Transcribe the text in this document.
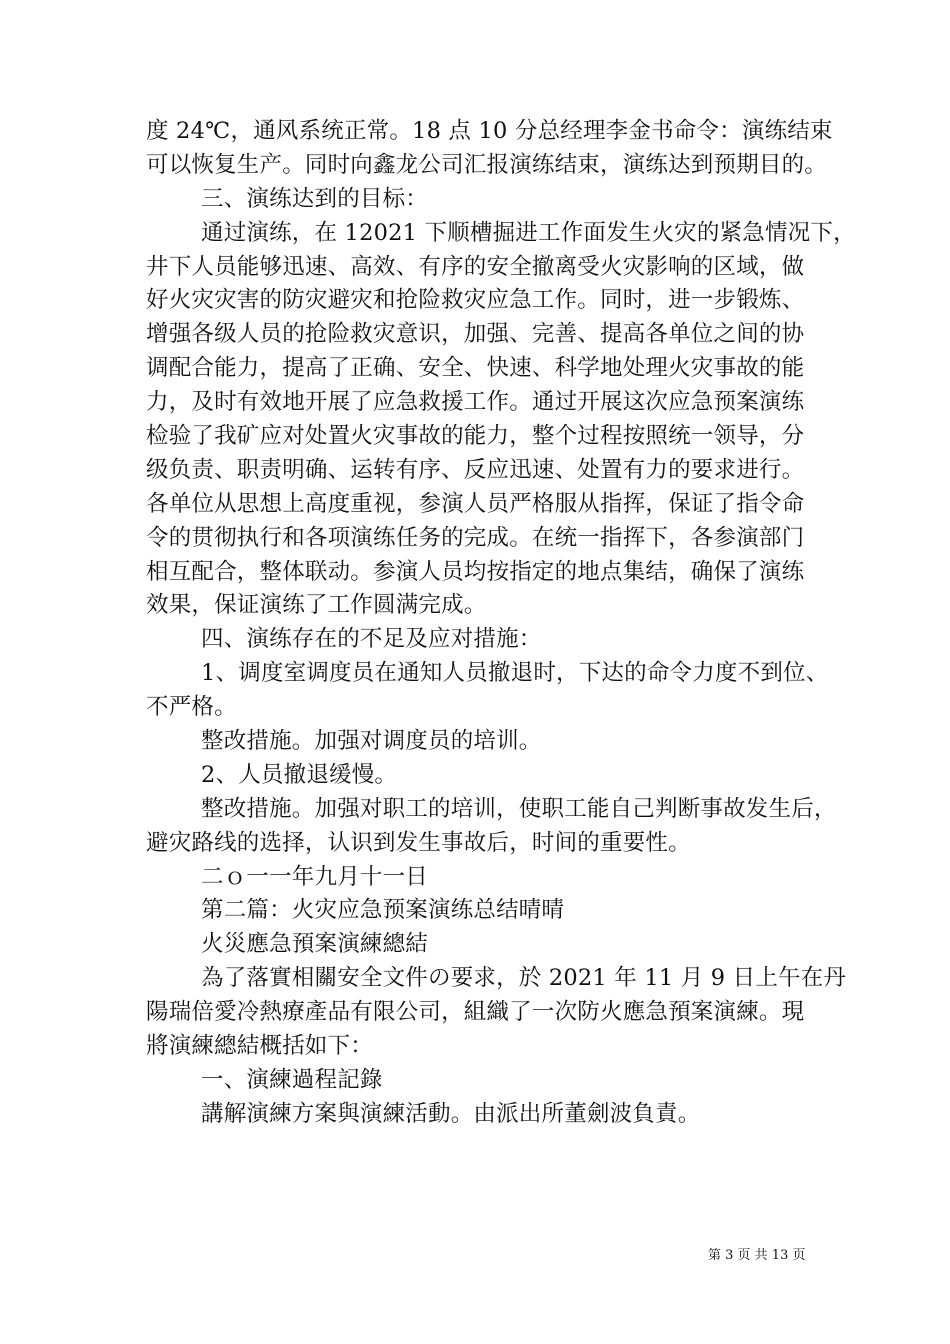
度 24℃，通风系统正常。18 点 10 分总经理李金书命令：演练结束
可以恢复生产。同时向鑫龙公司汇报演练结束，演练达到预期目的。
三、演练达到的目标：
通过演练，在 12021 下顺槽掘进工作面发生火灾的紧急情况下，
井下人员能够迅速、高效、有序的安全撤离受火灾影响的区域，做
好火灾灾害的防灾避灾和抢险救灾应急工作。同时，进一步锻炼、
增强各级人员的抢险救灾意识，加强、完善、提高各单位之间的协
调配合能力，提高了正确、安全、快速、科学地处理火灾事故的能
力，及时有效地开展了应急救援工作。通过开展这次应急预案演练
检验了我矿应对处置火灾事故的能力，整个过程按照统一领导，分
级负责、职责明确、运转有序、反应迅速、处置有力的要求进行。
各单位从思想上高度重视，参演人员严格服从指挥，保证了指令命
令的贯彻执行和各项演练任务的完成。在统一指挥下，各参演部门
相互配合，整体联动。参演人员均按指定的地点集结，确保了演练
效果，保证演练了工作圆满完成。
四、演练存在的不足及应对措施：
1、调度室调度员在通知人员撤退时，下达的命令力度不到位、
不严格。
整改措施。加强对调度员的培训。
2、人员撤退缓慢。
整改措施。加强对职工的培训，使职工能自己判断事故发生后，
避灾路线的选择，认识到发生事故后，时间的重要性。
二ｏ一一年九月十一日
第二篇：火灾应急预案演练总结晴晴
火災應急預案演練總結
為了落實相關安全文件の要求，於 2021 年 11 月 9 日上午在丹
陽瑞倍愛冷熱療產品有限公司，組織了一次防火應急預案演練。現
將演練總結概括如下：
一、演練過程記錄
講解演練方案與演練活動。由派出所董劍波負責。
第 3 页 共 13 页
